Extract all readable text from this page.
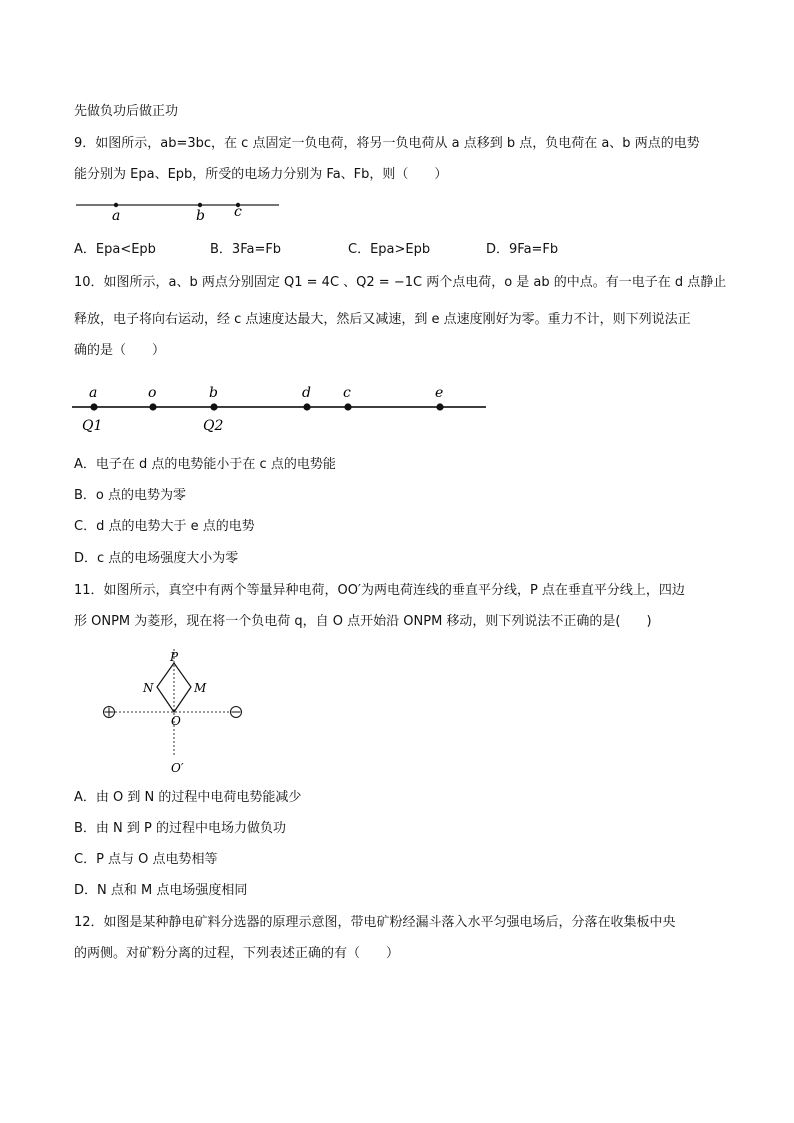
先做负功后做正功
9．如图所示，ab=3bc，在 c 点固定一负电荷，将另一负电荷从 a 点移到 b 点，负电荷在 a、b 两点的电势
能分别为 Epa、Epb，所受的电场力分别为 Fa、Fb，则（　　）
a	b c
A．Epa<Epb	B．3Fa=Fb	C．Epa>Epb	D．9Fa=Fb
10．如图所示，a、b 两点分别固定 Q1 = 4C 、Q2 = −1C 两个点电荷，o 是 ab 的中点。有一电子在 d 点静止
释放，电子将向右运动，经 c 点速度达最大，然后又减速，到 e 点速度刚好为零。重力不计，则下列说法正
确的是（　　）
a	o	b	d c	e
Q1	Q2
A．电子在 d 点的电势能小于在 c 点的电势能
B．o 点的电势为零
C．d 点的电势大于 e 点的电势
D．c 点的电场强度大小为零
11．如图所示，真空中有两个等量异种电荷，OO′为两电荷连线的垂直平分线，P 点在垂直平分线上，四边
形 ONPM 为菱形，现在将一个负电荷 q，自 O 点开始沿 ONPM 移动，则下列说法不正确的是(　　)
P
N	M
O
O′
A．由 O 到 N 的过程中电荷电势能减少
B．由 N 到 P 的过程中电场力做负功
C．P 点与 O 点电势相等
D．N 点和 M 点电场强度相同
12．如图是某种静电矿料分选器的原理示意图，带电矿粉经漏斗落入水平匀强电场后，分落在收集板中央
的两侧。对矿粉分离的过程，下列表述正确的有（　　）
